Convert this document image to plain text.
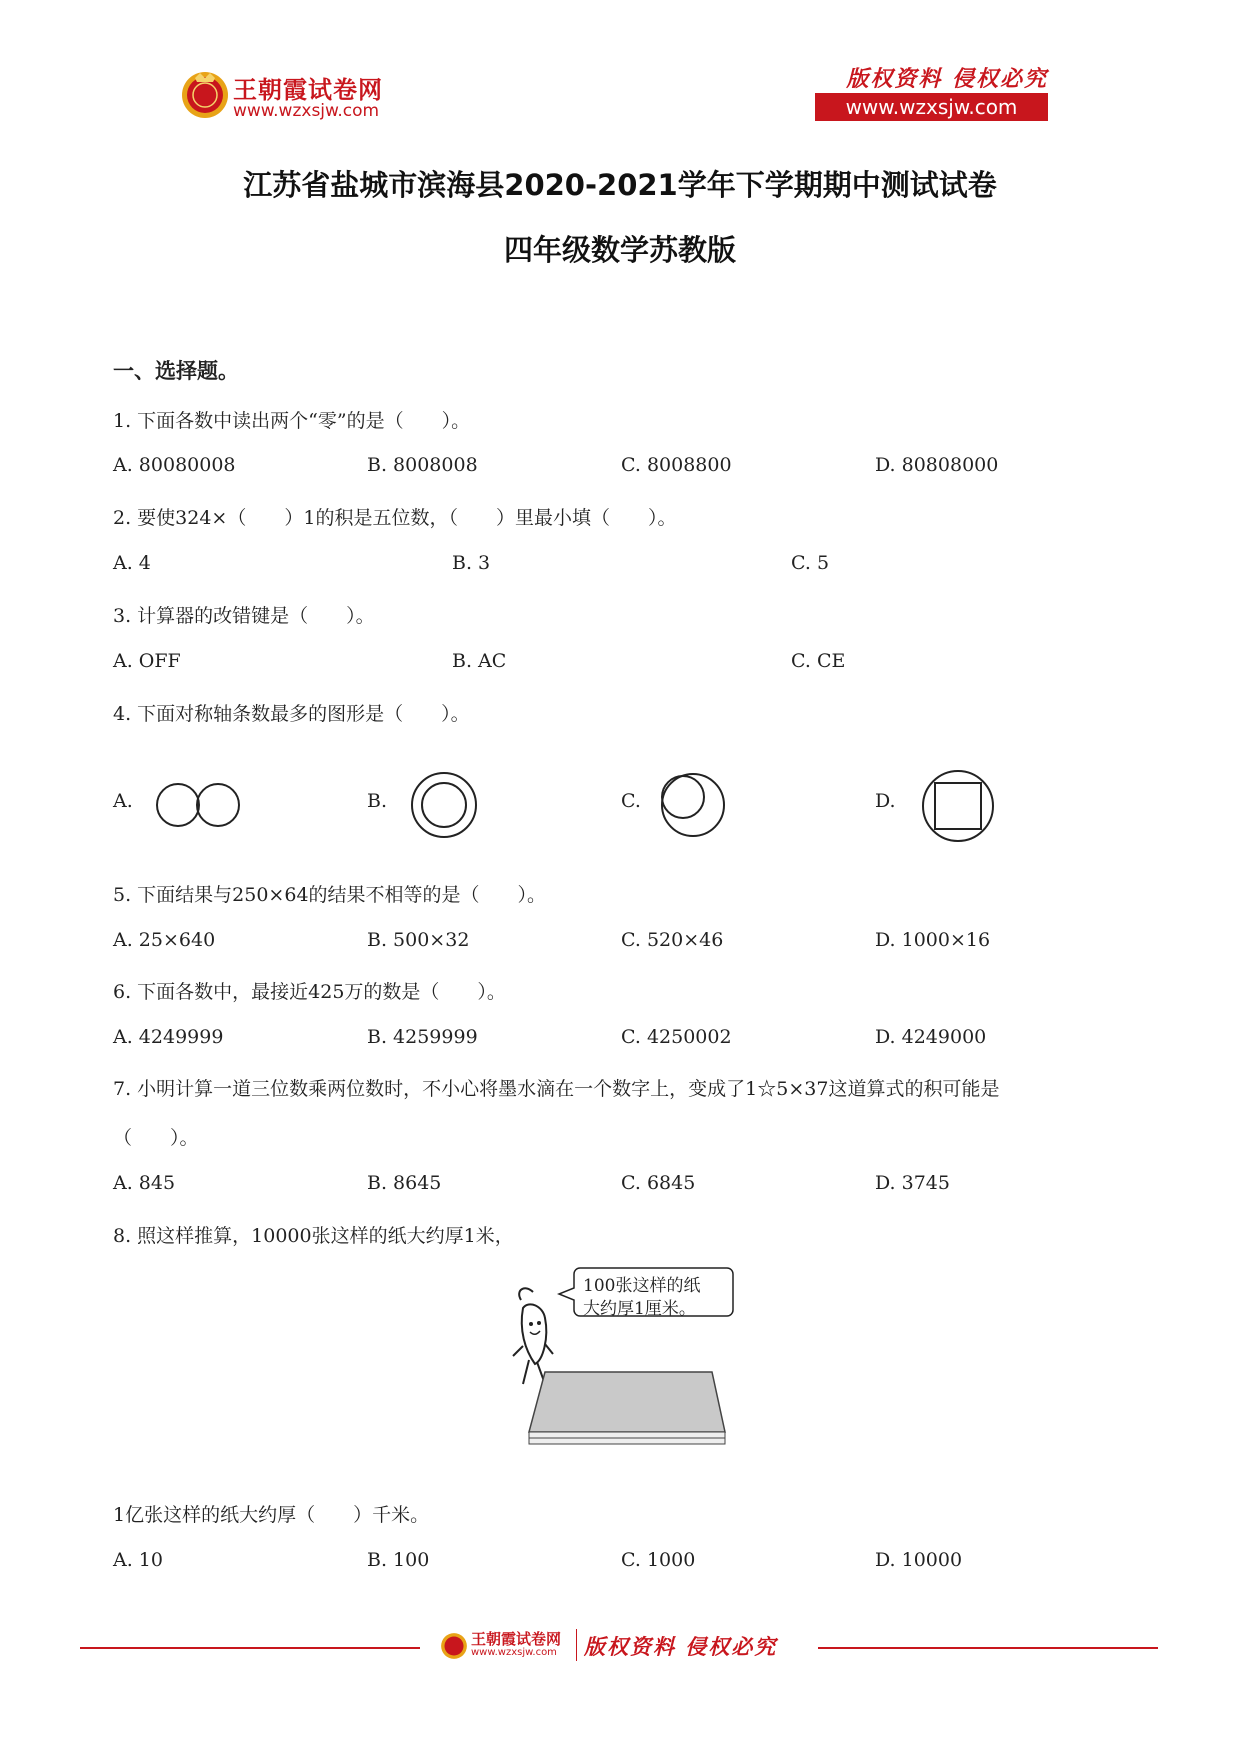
王朝霞试卷网
www.wzxsjw.com
版权资料 侵权必究
www.wzxsjw.com
江苏省盐城市滨海县2020-2021学年下学期期中测试试卷
四年级数学苏教版
一、选择题。
1. 下面各数中读出两个“零”的是（　　）。
A. 80080008	B. 8008008	C. 8008800	D. 80808000
2. 要使324×（　　）1的积是五位数，（　　）里最小填（　　）。
A. 4	B. 3	C. 5
3. 计算器的改错键是（　　）。
A. OFF	B. AC	C. CE
4. 下面对称轴条数最多的图形是（　　）。
A.	B.	C.	D.
5. 下面结果与250×64的结果不相等的是（　　）。
A. 25×640	B. 500×32	C. 520×46	D. 1000×16
6. 下面各数中，最接近425万的数是（　　）。
A. 4249999	B. 4259999	C. 4250002	D. 4249000
7. 小明计算一道三位数乘两位数时，不小心将墨水滴在一个数字上，变成了1☆5×37这道算式的积可能是
（　　）。
A. 845	B. 8645	C. 6845	D. 3745
8. 照这样推算，10000张这样的纸大约厚1米，
100张这样的纸
大约厚1厘米。
1亿张这样的纸大约厚（　　）千米。
A. 10	B. 100	C. 1000	D. 10000
王朝霞试卷网
www.wzxsjw.com 版权资料 侵权必究
